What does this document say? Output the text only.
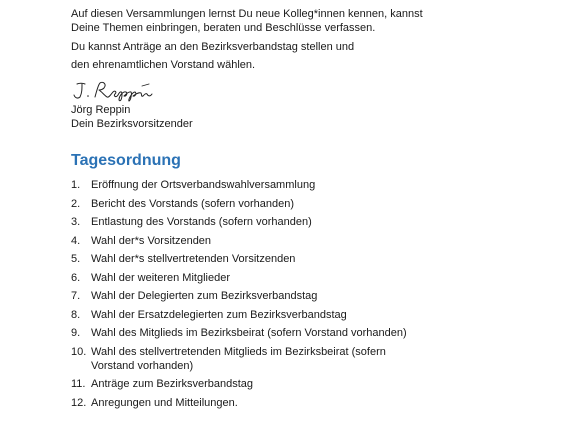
Auf diesen Versammlungen lernst Du neue Kolleg*innen kennen, kannst Deine Themen einbringen, beraten und Beschlüsse verfassen.
Du kannst Anträge an den Bezirksverbandstag stellen und
den ehrenamtlichen Vorstand wählen.
Jörg Reppin
Dein Bezirksvorsitzender
Tagesordnung
1. Eröffnung der Ortsverbandswahlversammlung
2. Bericht des Vorstands (sofern vorhanden)
3. Entlastung des Vorstands (sofern vorhanden)
4. Wahl der*s Vorsitzenden
5. Wahl der*s stellvertretenden Vorsitzenden
6. Wahl der weiteren Mitglieder
7. Wahl der Delegierten zum Bezirksverbandstag
8. Wahl der Ersatzdelegierten zum Bezirksverbandstag
9. Wahl des Mitglieds im Bezirksbeirat (sofern Vorstand vorhanden)
10. Wahl des stellvertretenden Mitglieds im Bezirksbeirat (sofern Vorstand vorhanden)
11. Anträge zum Bezirksverbandstag
12. Anregungen und Mitteilungen.
